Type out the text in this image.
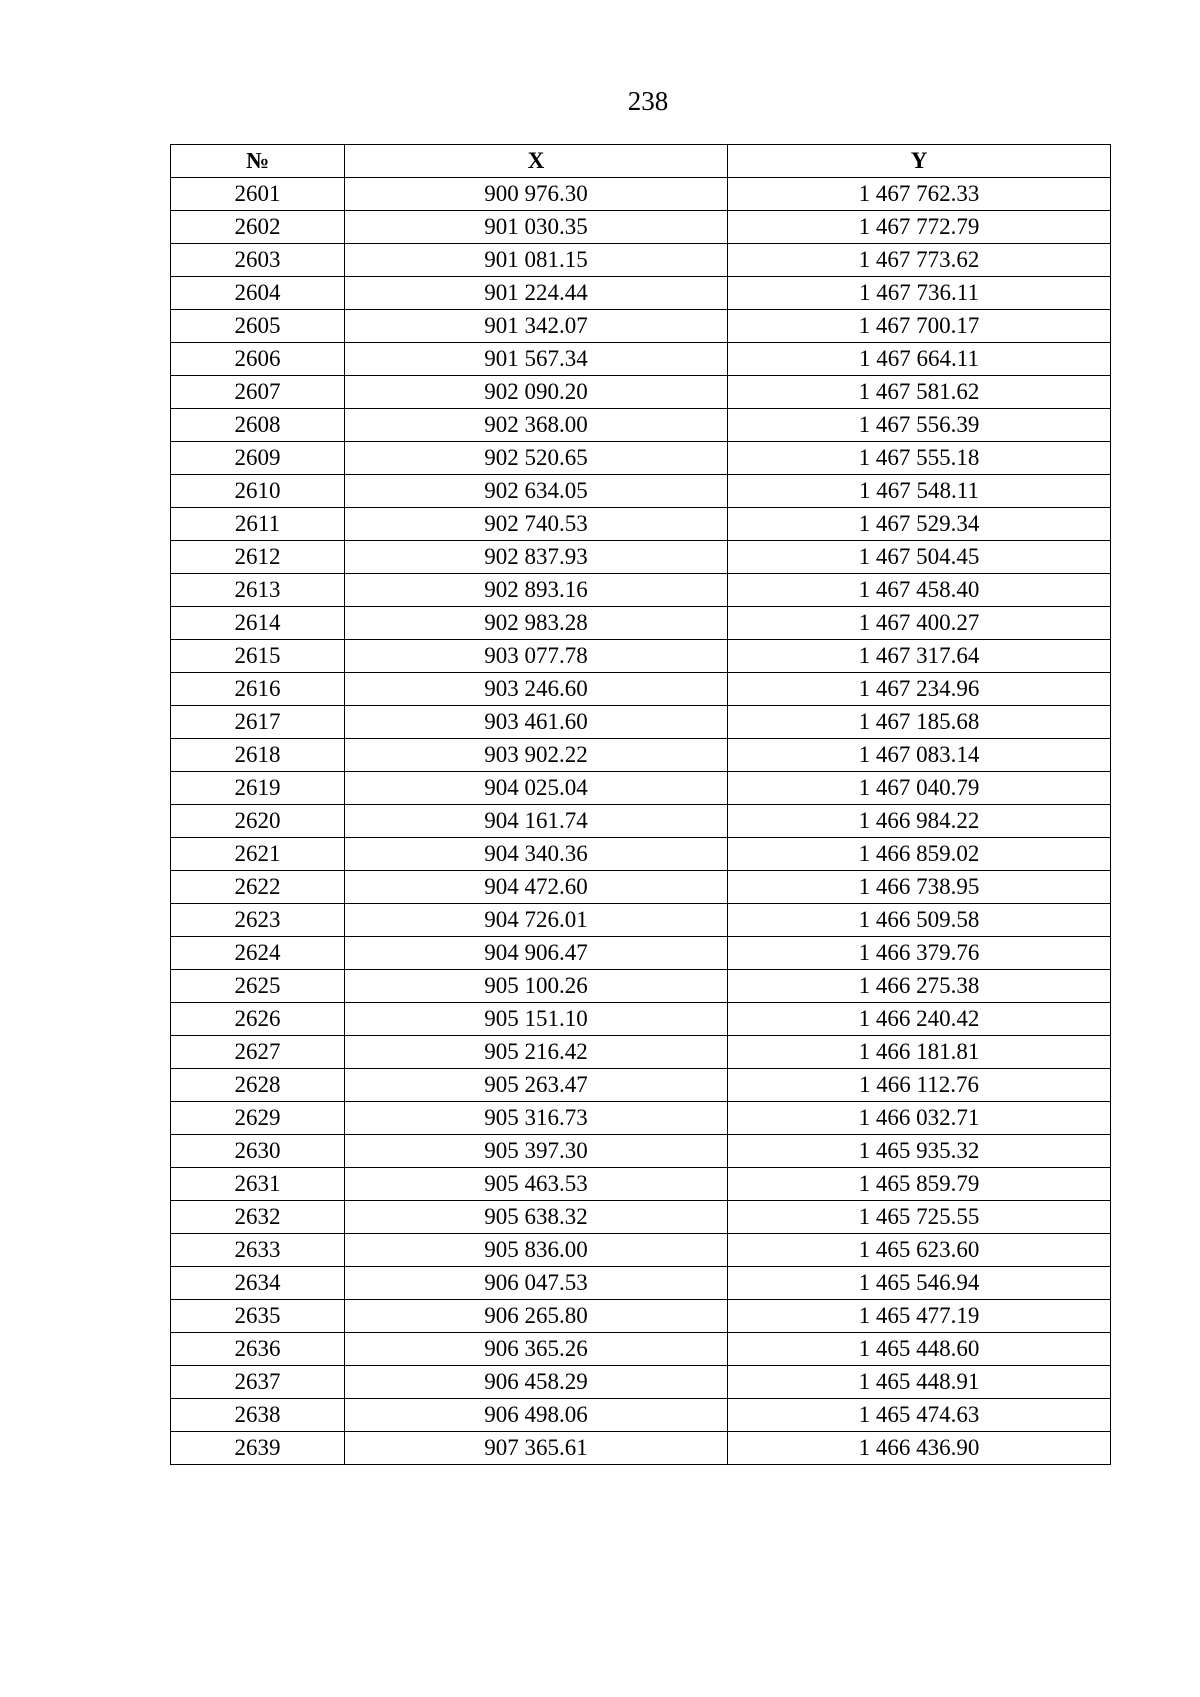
238
№	X	Y
2601	900 976.30	1 467 762.33
2602	901 030.35	1 467 772.79
2603	901 081.15	1 467 773.62
2604	901 224.44	1 467 736.11
2605	901 342.07	1 467 700.17
2606	901 567.34	1 467 664.11
2607	902 090.20	1 467 581.62
2608	902 368.00	1 467 556.39
2609	902 520.65	1 467 555.18
2610	902 634.05	1 467 548.11
2611	902 740.53	1 467 529.34
2612	902 837.93	1 467 504.45
2613	902 893.16	1 467 458.40
2614	902 983.28	1 467 400.27
2615	903 077.78	1 467 317.64
2616	903 246.60	1 467 234.96
2617	903 461.60	1 467 185.68
2618	903 902.22	1 467 083.14
2619	904 025.04	1 467 040.79
2620	904 161.74	1 466 984.22
2621	904 340.36	1 466 859.02
2622	904 472.60	1 466 738.95
2623	904 726.01	1 466 509.58
2624	904 906.47	1 466 379.76
2625	905 100.26	1 466 275.38
2626	905 151.10	1 466 240.42
2627	905 216.42	1 466 181.81
2628	905 263.47	1 466 112.76
2629	905 316.73	1 466 032.71
2630	905 397.30	1 465 935.32
2631	905 463.53	1 465 859.79
2632	905 638.32	1 465 725.55
2633	905 836.00	1 465 623.60
2634	906 047.53	1 465 546.94
2635	906 265.80	1 465 477.19
2636	906 365.26	1 465 448.60
2637	906 458.29	1 465 448.91
2638	906 498.06	1 465 474.63
2639	907 365.61	1 466 436.90
